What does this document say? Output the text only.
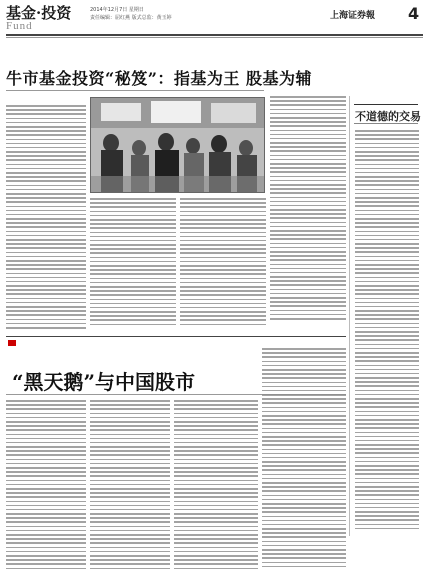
基金·投资
Fund
2014年12月7日 星期日
责任编辑：屈红燕 版式总监：黄玉婷	上海证券報 4
牛市基金投资“秘笈”：指基为王 股基为辅
不道德的交易
“黑天鹅”与中国股市
